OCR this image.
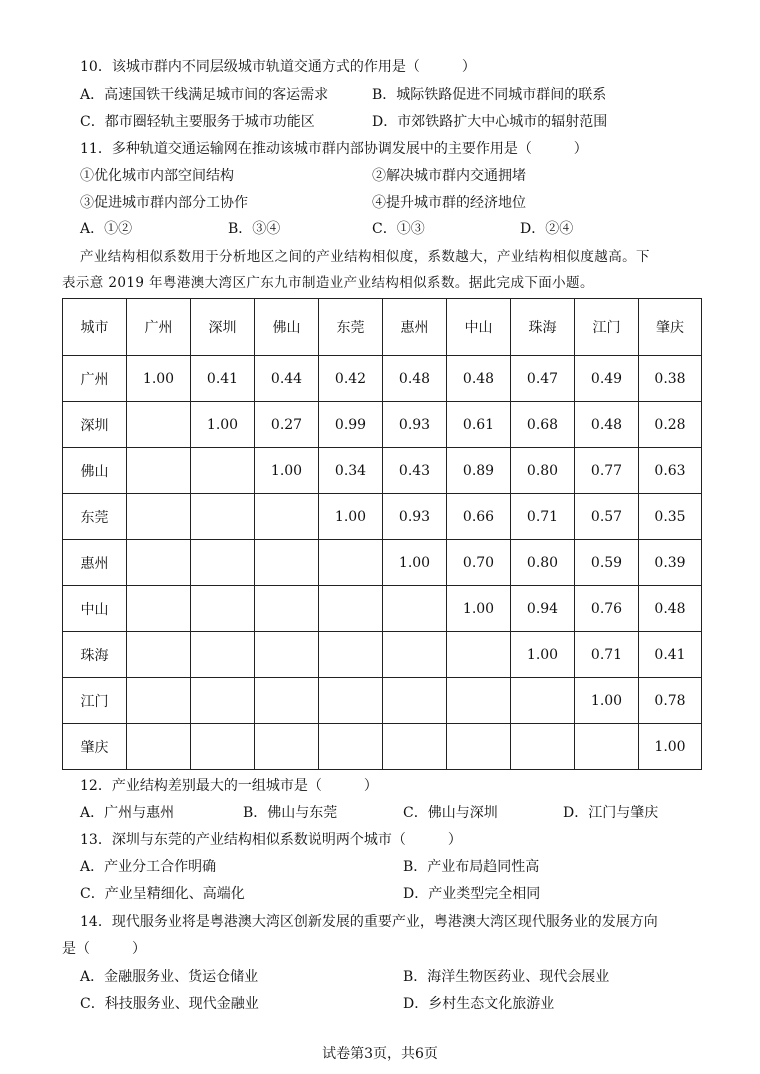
10．该城市群内不同层级城市轨道交通方式的作用是（　　　）
A．高速国铁干线满足城市间的客运需求	B．城际铁路促进不同城市群间的联系
C．都市圈轻轨主要服务于城市功能区	D．市郊铁路扩大中心城市的辐射范围
11．多种轨道交通运输网在推动该城市群内部协调发展中的主要作用是（　　　）
①优化城市内部空间结构	②解决城市群内交通拥堵
③促进城市群内部分工协作	④提升城市群的经济地位
A．①②	B．③④	C．①③	D．②④
产业结构相似系数用于分析地区之间的产业结构相似度，系数越大，产业结构相似度越高。下
表示意 2019 年粤港澳大湾区广东九市制造业产业结构相似系数。据此完成下面小题。
城市	广州	深圳	佛山	东莞	惠州	中山	珠海	江门	肇庆
广州	1.00	0.41	0.44	0.42	0.48	0.48	0.47	0.49	0.38
深圳		1.00	0.27	0.99	0.93	0.61	0.68	0.48	0.28
佛山			1.00	0.34	0.43	0.89	0.80	0.77	0.63
东莞				1.00	0.93	0.66	0.71	0.57	0.35
惠州					1.00	0.70	0.80	0.59	0.39
中山						1.00	0.94	0.76	0.48
珠海							1.00	0.71	0.41
江门								1.00	0.78
肇庆									1.00
12．产业结构差别最大的一组城市是（　　　）
A．广州与惠州	B．佛山与东莞	C．佛山与深圳	D．江门与肇庆
13．深圳与东莞的产业结构相似系数说明两个城市（　　　）
A．产业分工合作明确	B．产业布局趋同性高
C．产业呈精细化、高端化	D．产业类型完全相同
14．现代服务业将是粤港澳大湾区创新发展的重要产业，粤港澳大湾区现代服务业的发展方向
是（　　　）
A．金融服务业、货运仓储业	B．海洋生物医药业、现代会展业
C．科技服务业、现代金融业	D．乡村生态文化旅游业
试卷第3页，共6页
